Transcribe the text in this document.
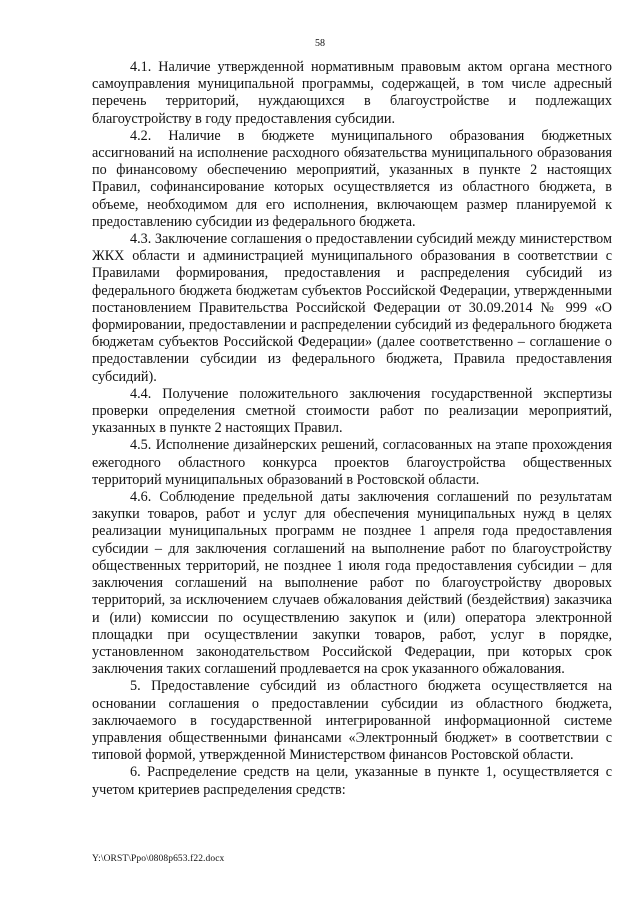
58

4.1. Наличие утвержденной нормативным правовым актом органа местного самоуправления муниципальной программы, содержащей, в том числе адресный перечень территорий, нуждающихся в благоустройстве и подлежащих благоустройству в году предоставления субсидии.

4.2. Наличие в бюджете муниципального образования бюджетных ассигнований на исполнение расходного обязательства муниципального образования по финансовому обеспечению мероприятий, указанных в пункте 2 настоящих Правил, софинансирование которых осуществляется из областного бюджета, в объеме, необходимом для его исполнения, включающем размер планируемой к предоставлению субсидии из федерального бюджета.

4.3. Заключение соглашения о предоставлении субсидий между министерством ЖКХ области и администрацией муниципального образования в соответствии с Правилами формирования, предоставления и распределения субсидий из федерального бюджета бюджетам субъектов Российской Федерации, утвержденными постановлением Правительства Российской Федерации от 30.09.2014 № 999 «О формировании, предоставлении и распределении субсидий из федерального бюджета бюджетам субъектов Российской Федерации» (далее соответственно – соглашение о предоставлении субсидии из федерального бюджета, Правила предоставления субсидий).

4.4. Получение положительного заключения государственной экспертизы проверки определения сметной стоимости работ по реализации мероприятий, указанных в пункте 2 настоящих Правил.

4.5. Исполнение дизайнерских решений, согласованных на этапе прохождения ежегодного областного конкурса проектов благоустройства общественных территорий муниципальных образований в Ростовской области.

4.6. Соблюдение предельной даты заключения соглашений по результатам закупки товаров, работ и услуг для обеспечения муниципальных нужд в целях реализации муниципальных программ не позднее 1 апреля года предоставления субсидии – для заключения соглашений на выполнение работ по благоустройству общественных территорий, не позднее 1 июля года предоставления субсидии – для заключения соглашений на выполнение работ по благоустройству дворовых территорий, за исключением случаев обжалования действий (бездействия) заказчика и (или) комиссии по осуществлению закупок и (или) оператора электронной площадки при осуществлении закупки товаров, работ, услуг в порядке, установленном законодательством Российской Федерации, при которых срок заключения таких соглашений продлевается на срок указанного обжалования.

5. Предоставление субсидий из областного бюджета осуществляется на основании соглашения о предоставлении субсидии из областного бюджета, заключаемого в государственной интегрированной информационной системе управления общественными финансами «Электронный бюджет» в соответствии с типовой формой, утвержденной Министерством финансов Ростовской области.

6. Распределение средств на цели, указанные в пункте 1, осуществляется с учетом критериев распределения средств:

Y:\ORST\Ppo\0808p653.f22.docx
